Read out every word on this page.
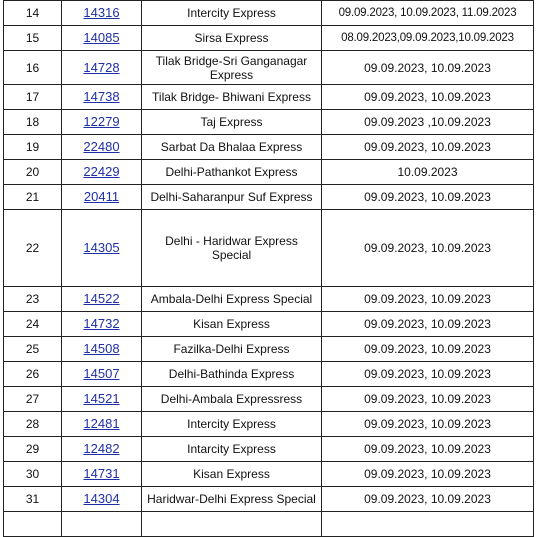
14	14316	Intercity Express	09.09.2023, 10.09.2023, 11.09.2023
15	14085	Sirsa Express	08.09.2023,09.09.2023,10.09.2023
16	14728	Tilak Bridge-Sri Ganganagar Express	09.09.2023, 10.09.2023
17	14738	Tilak Bridge- Bhiwani Express	09.09.2023, 10.09.2023
18	12279	Taj Express	09.09.2023 ,10.09.2023
19	22480	Sarbat Da Bhalaa Express	09.09.2023, 10.09.2023
20	22429	Delhi-Pathankot Express	10.09.2023
21	20411	Delhi-Saharanpur Suf Express	09.09.2023, 10.09.2023
22	14305	Delhi - Haridwar Express Special	09.09.2023, 10.09.2023
23	14522	Ambala-Delhi Express Special	09.09.2023, 10.09.2023
24	14732	Kisan Express	09.09.2023, 10.09.2023
25	14508	Fazilka-Delhi Express	09.09.2023, 10.09.2023
26	14507	Delhi-Bathinda Express	09.09.2023, 10.09.2023
27	14521	Delhi-Ambala Expressress	09.09.2023, 10.09.2023
28	12481	Intercity Express	09.09.2023, 10.09.2023
29	12482	Intarcity Express	09.09.2023, 10.09.2023
30	14731	Kisan Express	09.09.2023, 10.09.2023
31	14304	Haridwar-Delhi Express Special	09.09.2023, 10.09.2023
